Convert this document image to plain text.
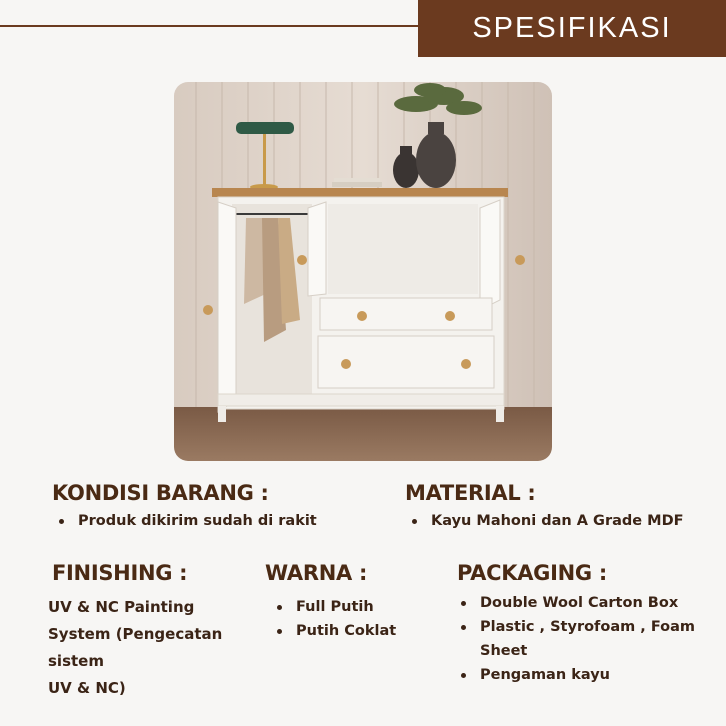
SPESIFIKASI
KONDISI BARANG :
Produk dikirim sudah di rakit
MATERIAL :
Kayu Mahoni dan A Grade MDF
FINISHING :
UV & NC Painting
System (Pengecatan
sistem
UV & NC)
WARNA :
Full Putih
Putih Coklat
PACKAGING :
Double Wool Carton Box
Plastic , Styrofoam , Foam Sheet
Pengaman kayu
